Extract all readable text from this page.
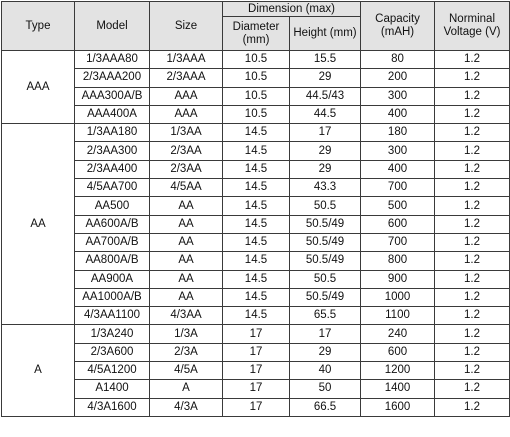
Type	Model	Size	Dimension (max)		Capacity (mAH)	Norminal Voltage (V)
			Diameter (mm)	Height (mm)		
AAA	1/3AAA80	1/3AAA	10.5	15.5	80	1.2
	2/3AAA200	2/3AAA	10.5	29	200	1.2
	AAA300A/B	AAA	10.5	44.5/43	300	1.2
	AAA400A	AAA	10.5	44.5	400	1.2
AA	1/3AA180	1/3AA	14.5	17	180	1.2
	2/3AA300	2/3AA	14.5	29	300	1.2
	2/3AA400	2/3AA	14.5	29	400	1.2
	4/5AA700	4/5AA	14.5	43.3	700	1.2
	AA500	AA	14.5	50.5	500	1.2
	AA600A/B	AA	14.5	50.5/49	600	1.2
	AA700A/B	AA	14.5	50.5/49	700	1.2
	AA800A/B	AA	14.5	50.5/49	800	1.2
	AA900A	AA	14.5	50.5	900	1.2
	AA1000A/B	AA	14.5	50.5/49	1000	1.2
	4/3AA1100	4/3AA	14.5	65.5	1100	1.2
A	1/3A240	1/3A	17	17	240	1.2
	2/3A600	2/3A	17	29	600	1.2
	4/5A1200	4/5A	17	40	1200	1.2
	A1400	A	17	50	1400	1.2
	4/3A1600	4/3A	17	66.5	1600	1.2
